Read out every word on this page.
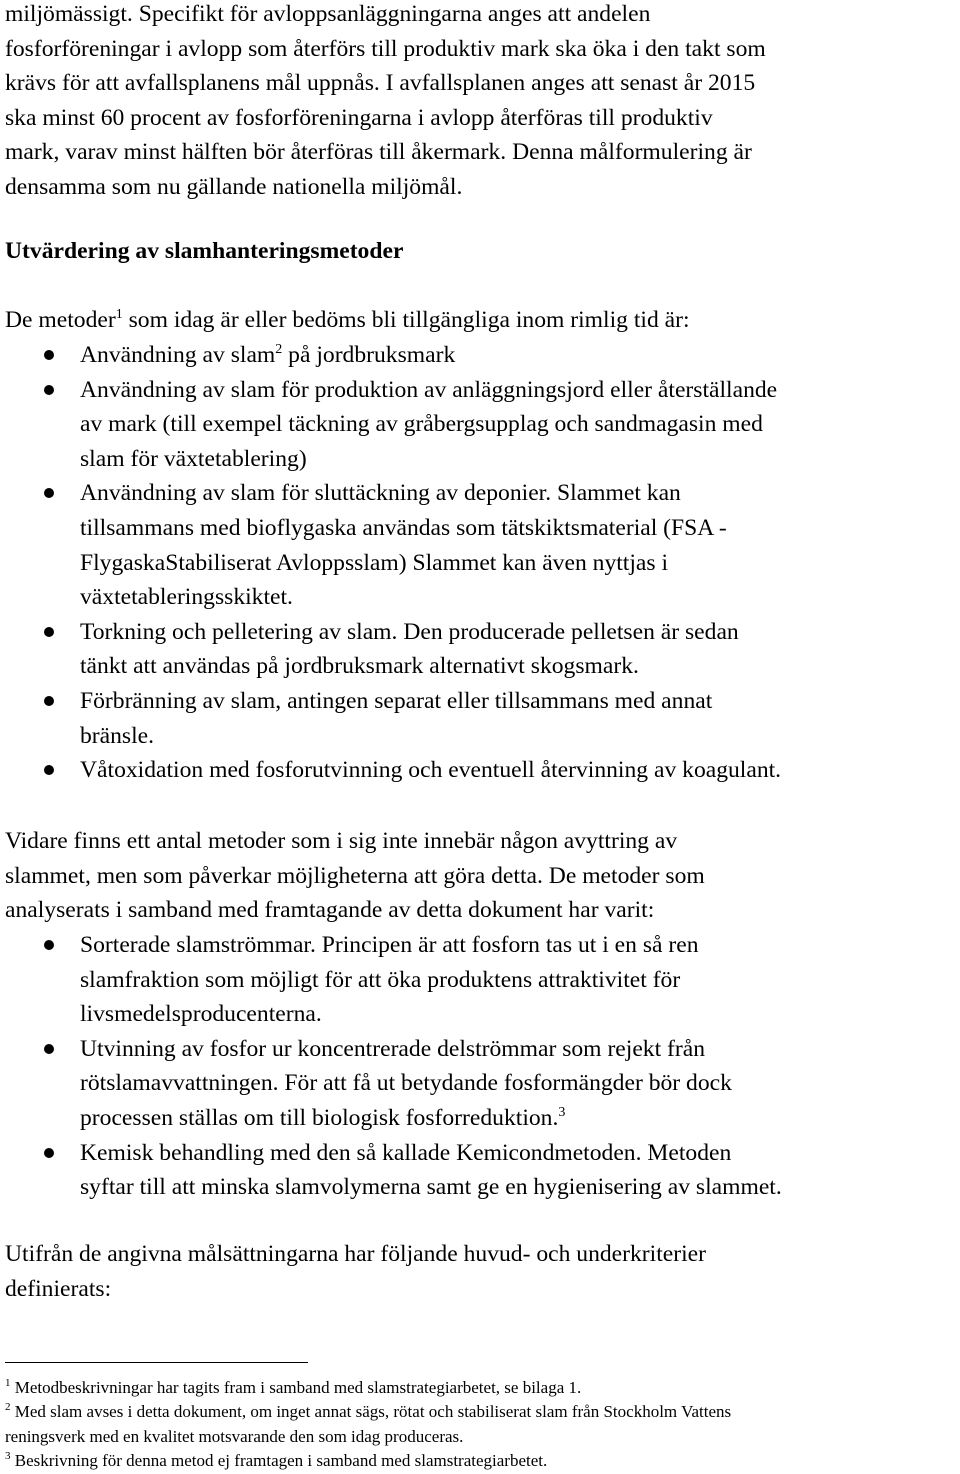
miljömässigt. Specifikt för avloppsanläggningarna anges att andelen
fosforföreningar i avlopp som återförs till produktiv mark ska öka i den takt som
krävs för att avfallsplanens mål uppnås. I avfallsplanen anges att senast år 2015
ska minst 60 procent av fosforföreningarna i avlopp återföras till produktiv
mark, varav minst hälften bör återföras till åkermark. Denna målformulering är
densamma som nu gällande nationella miljömål.
Utvärdering av slamhanteringsmetoder
De metoder$^1$ som idag är eller bedöms bli tillgängliga inom rimlig tid är:
Användning av slam$^2$ på jordbruksmark
Användning av slam för produktion av anläggningsjord eller återställande
av mark (till exempel täckning av gråbergsupplag och sandmagasin med
slam för växtetablering)
Användning av slam för sluttäckning av deponier. Slammet kan
tillsammans med bioflygaska användas som tätskiktsmaterial (FSA -
FlygaskaStabiliserat Avloppsslam) Slammet kan även nyttjas i
växtetableringsskiktet.
Torkning och pelletering av slam. Den producerade pelletsen är sedan
tänkt att användas på jordbruksmark alternativt skogsmark.
Förbränning av slam, antingen separat eller tillsammans med annat
bränsle.
Våtoxidation med fosforutvinning och eventuell återvinning av koagulant.
Vidare finns ett antal metoder som i sig inte innebär någon avyttring av
slammet, men som påverkar möjligheterna att göra detta. De metoder som
analyserats i samband med framtagande av detta dokument har varit:
Sorterade slamströmmar. Principen är att fosforn tas ut i en så ren
slamfraktion som möjligt för att öka produktens attraktivitet för
livsmedelsproducenterna.
Utvinning av fosfor ur koncentrerade delströmmar som rejekt från
rötslamavvattningen. För att få ut betydande fosformängder bör dock
processen ställas om till biologisk fosforreduktion.$^3$
Kemisk behandling med den så kallade Kemicondmetoden. Metoden
syftar till att minska slamvolymerna samt ge en hygienisering av slammet.
Utifrån de angivna målsättningarna har följande huvud- och underkriterier
definierats:
$^1$ Metodbeskrivningar har tagits fram i samband med slamstrategiarbetet, se bilaga 1.
$^2$ Med slam avses i detta dokument, om inget annat sägs, rötat och stabiliserat slam från Stockholm Vattens
reningsverk med en kvalitet motsvarande den som idag produceras.
$^3$ Beskrivning för denna metod ej framtagen i samband med slamstrategiarbetet.
